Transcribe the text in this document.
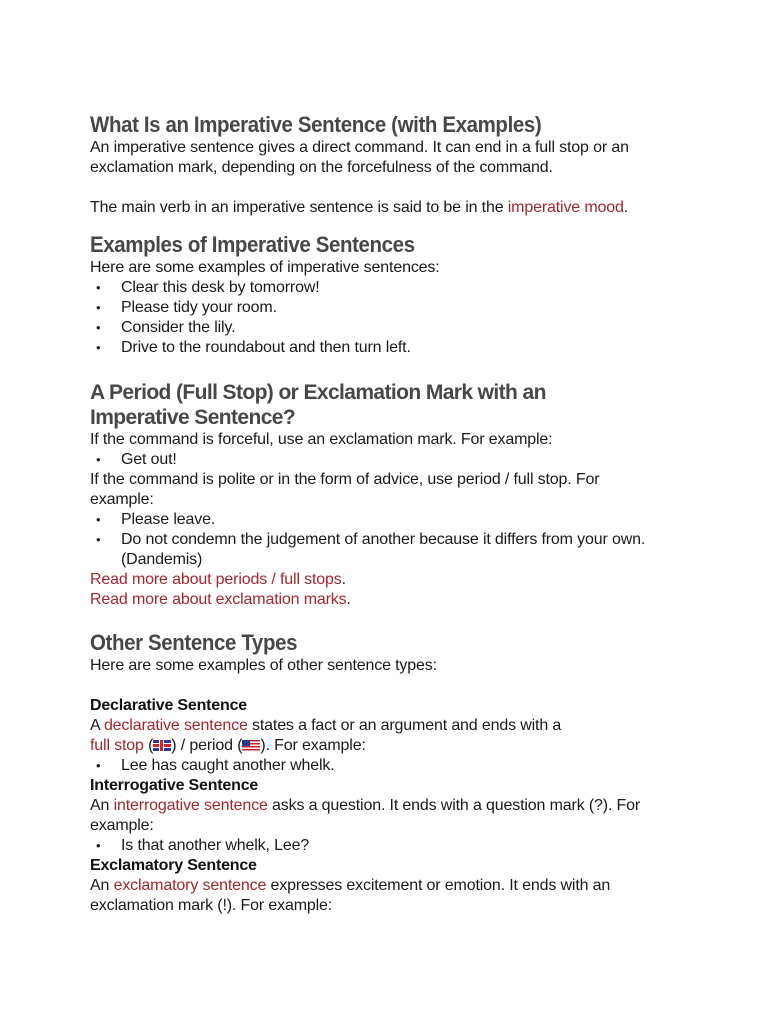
What Is an Imperative Sentence (with Examples)

An imperative sentence gives a direct command. It can end in a full stop or an exclamation mark, depending on the forcefulness of the command.

The main verb in an imperative sentence is said to be in the imperative mood.

Examples of Imperative Sentences

Here are some examples of imperative sentences:

• Clear this desk by tomorrow!
• Please tidy your room.
• Consider the lily.
• Drive to the roundabout and then turn left.
A Period (Full Stop) or Exclamation Mark with an Imperative Sentence?

If the command is forceful, use an exclamation mark. For example:

• Get out!

If the command is polite or in the form of advice, use period / full stop. For example:

• Please leave.
• Do not condemn the judgement of another because it differs from your own. (Dandemis)

Read more about periods / full stops.

Read more about exclamation marks.

Other Sentence Types

Here are some examples of other sentence types:

Declarative Sentence

A declarative sentence states a fact or an argument and ends with a
full stop ( ) / period ( ). For example:

• Lee has caught another whelk.

Interrogative Sentence

An interrogative sentence asks a question. It ends with a question mark (?). For example:

• Is that another whelk, Lee?

Exclamatory Sentence

An exclamatory sentence expresses excitement or emotion. It ends with an exclamation mark (!). For example:
